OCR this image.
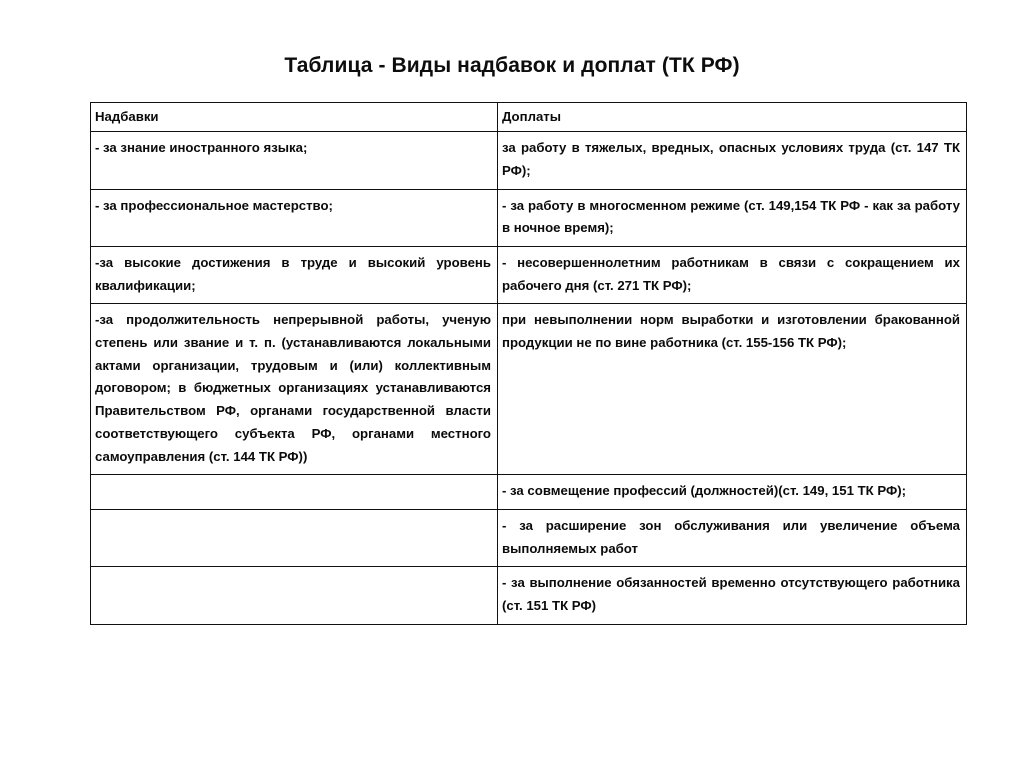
Таблица - Виды надбавок и доплат (ТК РФ)
Надбавки	Доплаты
- за знание иностранного языка;	за работу в тяжелых, вредных, опасных условиях труда (ст. 147 ТК РФ);
- за профессиональное мастерство;	- за работу в многосменном режиме (ст. 149,154 ТК РФ - как за работу в ночное время);
-за высокие достижения в труде и высокий уровень квалификации;	- несовершеннолетним работникам в связи с сокращением их рабочего дня (ст. 271 ТК РФ);
-за продолжительность непрерывной работы, ученую степень или звание и т. п. (устанавливаются локальными актами организации, трудовым и (или) коллективным договором; в бюджетных организациях устанавливаются Правительством РФ, органами государственной власти соответствующего субъекта РФ, органами местного самоуправления (ст. 144 ТК РФ))	при невыполнении норм выработки и изготовлении бракованной продукции не по вине работника (ст. 155-156 ТК РФ);
	- за совмещение профессий (должностей)(ст. 149, 151 ТК РФ);
	- за расширение зон обслуживания или увеличение объема выполняемых работ
	- за выполнение обязанностей временно отсутствующего работника (ст. 151 ТК РФ)
